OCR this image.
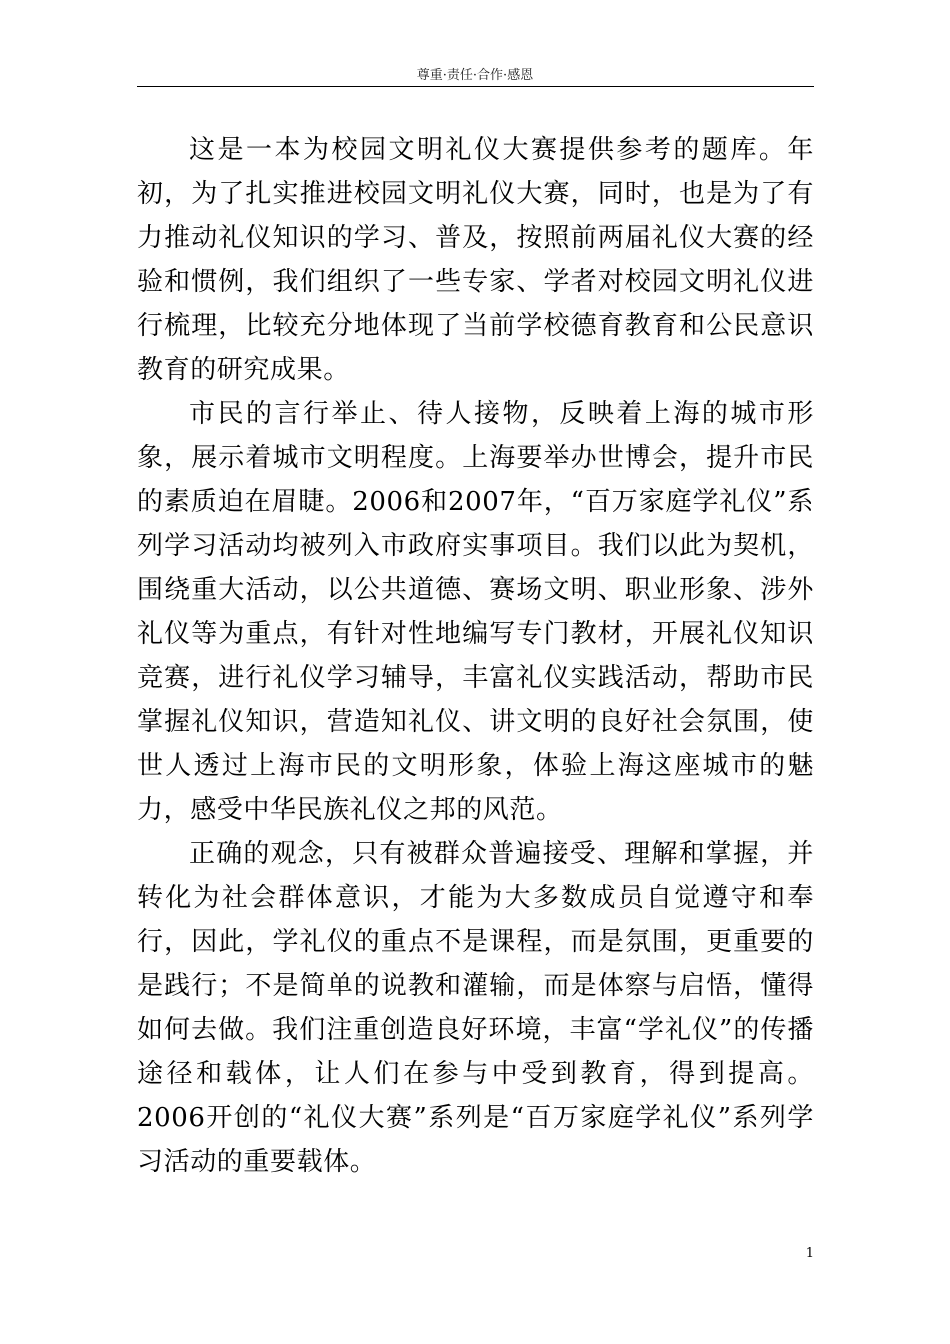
尊重·责任·合作·感恩

这是一本为校园文明礼仪大赛提供参考的题库。年初，为了扎实推进校园文明礼仪大赛，同时，也是为了有力推动礼仪知识的学习、普及，按照前两届礼仪大赛的经验和惯例，我们组织了一些专家、学者对校园文明礼仪进行梳理，比较充分地体现了当前学校德育教育和公民意识教育的研究成果。

市民的言行举止、待人接物，反映着上海的城市形象，展示着城市文明程度。上海要举办世博会，提升市民的素质迫在眉睫。2006和2007年，“百万家庭学礼仪”系列学习活动均被列入市政府实事项目。我们以此为契机，围绕重大活动，以公共道德、赛场文明、职业形象、涉外礼仪等为重点，有针对性地编写专门教材，开展礼仪知识竞赛，进行礼仪学习辅导，丰富礼仪实践活动，帮助市民掌握礼仪知识，营造知礼仪、讲文明的良好社会氛围，使世人透过上海市民的文明形象，体验上海这座城市的魅力，感受中华民族礼仪之邦的风范。

正确的观念，只有被群众普遍接受、理解和掌握，并转化为社会群体意识，才能为大多数成员自觉遵守和奉行，因此，学礼仪的重点不是课程，而是氛围，更重要的是践行；不是简单的说教和灌输，而是体察与启悟，懂得如何去做。我们注重创造良好环境，丰富“学礼仪”的传播途径和载体，让人们在参与中受到教育，得到提高。2006开创的“礼仪大赛”系列是“百万家庭学礼仪”系列学习活动的重要载体。

1
